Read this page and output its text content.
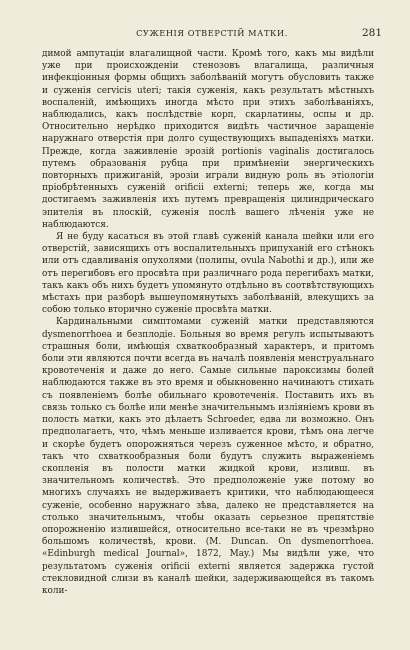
СУЖЕНІЯ ОТВЕРСТІЙ МАТКИ.	281

димой ампутаціи влагалищной части. Кромѣ того, какъ мы видѣли уже при происхожденіи стенозовъ влагалища, различныя инфекціонныя формы общихъ заболѣваній могутъ обусловить также и суженія cervicis uteri; такія суженія, какъ результатъ мѣстныхъ воспаленій, имѣющихъ иногда мѣсто при этихъ заболѣваніяхъ, наблюдались, какъ послѣдствіе корп, скарлатины, оспы и др. Относительно нерѣдко приходится видѣть частичное заращеніе наружнаго отверстія при долго существующихъ выпаденіяхъ матки. Прежде, когда заживленіе эрозій portionis vaginalis достигалось путемъ образованія рубца при примѣненіи энергическихъ повторныхъ прижиганій, эрозіи играли видную роль въ этіологіи пріобрѣтенныхъ суженій orificii externi; теперь же, когда мы достигаемъ заживленія ихъ путемъ превращенія цилиндрическаго эпителія въ плоскій, суженія послѣ вашего лѣченія уже не наблюдаются.

Я не буду касаться въ этой главѣ суженій канала шейки или его отверстій, зависящихъ отъ воспалительныхъ припуханій его стѣнокъ или отъ сдавливанія опухолями (полипы, ovula Nabothi и др.), или же отъ перегибовъ его просвѣта при различнаго рода перегибахъ матки, такъ какъ объ нихъ будетъ упомянуто отдѣльно въ соотвѣтствующихъ мѣстахъ при разборѣ вышеупомянутыхъ заболѣваній, влекущихъ за собою только вторично суженіе просвѣта матки.

Кардинальными симптомами суженій матки представляются dysmenorrhoea и безплодіе. Больныя во время регулъ испытываютъ страшныя боли, имѣющія схваткообразный характеръ, и притомъ боли эти являются почти всегда въ началѣ появленія менструальнаго кровотеченія и даже до него. Самые сильные пароксизмы болей наблюдаются также въ это время и обыкновенно начинаютъ стихать съ появленіемъ болѣе обильнаго кровотеченія. Поставить ихъ въ связь только съ болѣе или менѣе значительнымъ изліяніемъ крови въ полость матки, какъ это дѣлаетъ Schroeder, едва ли возможно. Онъ предполагаетъ, что, чѣмъ меньше изливается крови, тѣмъ она легче и скорѣе будетъ опорожняться черезъ суженное мѣсто, и обратно, такъ что схваткообразныя боли будутъ служить выраженіемъ скопленія въ полости матки жидкой крови, изливш. въ значительномъ количествѣ. Это предположеніе уже потому во многихъ случаяхъ не выдерживаетъ критики, что наблюдающееся суженіе, особенно наружнаго зѣва, далеко не представляется на столько значительнымъ, чтобы оказать серьезное препятствіе опорожненію излившейся, относительно все-таки не въ чрезмѣрно большомъ количествѣ, крови. (M. Duncan. On dysmenorrhoea. «Edinburgh medical Journal», 1872, May.) Мы видѣли уже, что результатомъ суженія orificii externi является задержка густой стекловидной слизи въ каналѣ шейки, задерживающейся въ такомъ коли-
